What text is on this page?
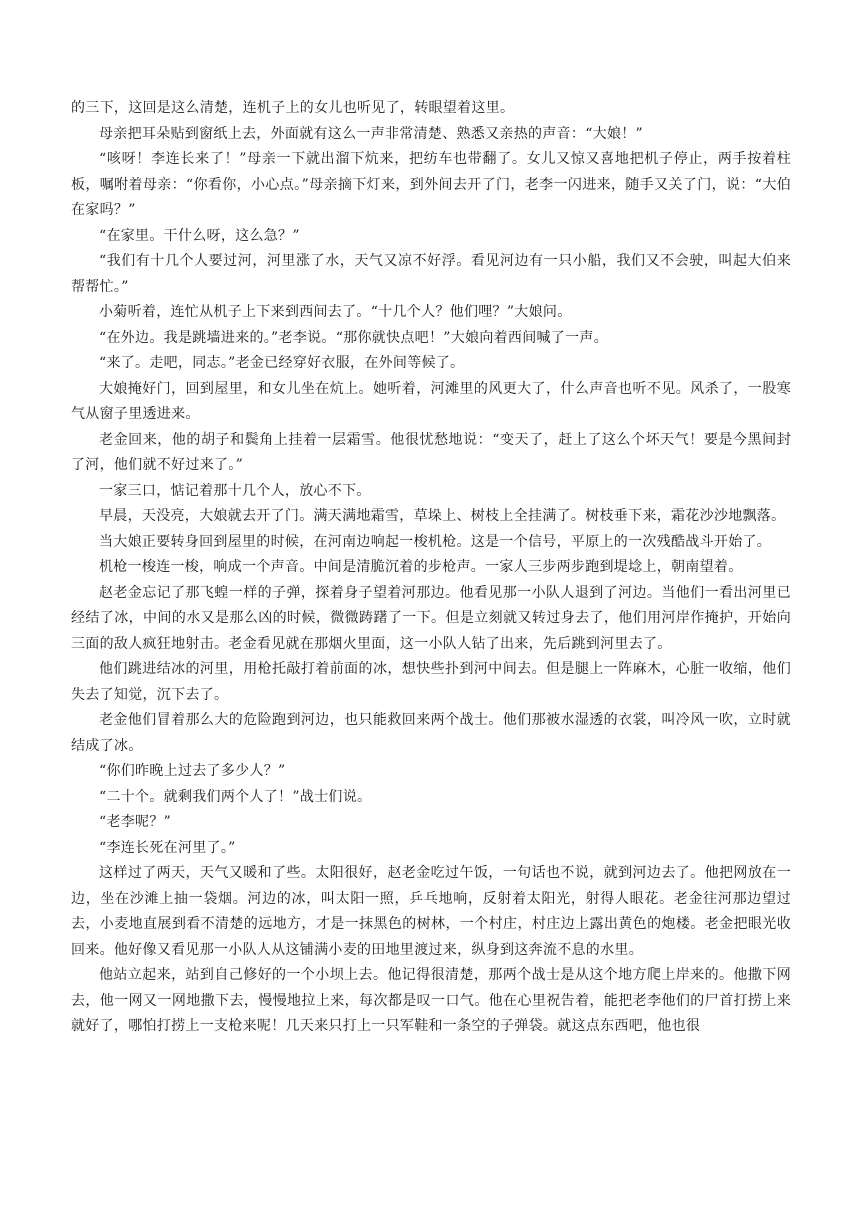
的三下，这回是这么清楚，连机子上的女儿也听见了，转眼望着这里。

母亲把耳朵贴到窗纸上去，外面就有这么一声非常清楚、熟悉又亲热的声音：“大娘！”

“咳呀！李连长来了！”母亲一下就出溜下炕来，把纺车也带翻了。女儿又惊又喜地把机子停止，两手按着柱板，嘱咐着母亲：“你看你，小心点。”母亲摘下灯来，到外间去开了门，老李一闪进来，随手又关了门，说：“大伯在家吗？”

“在家里。干什么呀，这么急？”

“我们有十几个人要过河，河里涨了水，天气又凉不好浮。看见河边有一只小船，我们又不会驶，叫起大伯来帮帮忙。”

小菊听着，连忙从机子上下来到西间去了。“十几个人？他们哩？”大娘问。

“在外边。我是跳墙进来的。”老李说。“那你就快点吧！”大娘向着西间喊了一声。

“来了。走吧，同志。”老金已经穿好衣服，在外间等候了。

大娘掩好门，回到屋里，和女儿坐在炕上。她听着，河滩里的风更大了，什么声音也听不见。风杀了，一股寒气从窗子里透进来。

老金回来，他的胡子和鬓角上挂着一层霜雪。他很忧愁地说：“变天了，赶上了这么个坏天气！要是今黑间封了河，他们就不好过来了。”

一家三口，惦记着那十几个人，放心不下。

早晨，天没亮，大娘就去开了门。满天满地霜雪，草垛上、树枝上全挂满了。树枝垂下来，霜花沙沙地飘落。

当大娘正要转身回到屋里的时候，在河南边响起一梭机枪。这是一个信号，平原上的一次残酷战斗开始了。

机枪一梭连一梭，响成一个声音。中间是清脆沉着的步枪声。一家人三步两步跑到堤埝上，朝南望着。

赵老金忘记了那飞蝗一样的子弹，探着身子望着河那边。他看见那一小队人退到了河边。当他们一看出河里已经结了冰，中间的水又是那么凶的时候，微微踌躇了一下。但是立刻就又转过身去了，他们用河岸作掩护，开始向三面的敌人疯狂地射击。老金看见就在那烟火里面，这一小队人钻了出来，先后跳到河里去了。

他们跳进结冰的河里，用枪托敲打着前面的冰，想快些扑到河中间去。但是腿上一阵麻木，心脏一收缩，他们失去了知觉，沉下去了。

老金他们冒着那么大的危险跑到河边，也只能救回来两个战士。他们那被水湿透的衣裳，叫冷风一吹，立时就结成了冰。

“你们昨晚上过去了多少人？”

“二十个。就剩我们两个人了！”战士们说。

“老李呢？”

“李连长死在河里了。”

这样过了两天，天气又暖和了些。太阳很好，赵老金吃过午饭，一句话也不说，就到河边去了。他把网放在一边，坐在沙滩上抽一袋烟。河边的冰，叫太阳一照，乒乓地响，反射着太阳光，射得人眼花。老金往河那边望过去，小麦地直展到看不清楚的远地方，才是一抹黑色的树林，一个村庄，村庄边上露出黄色的炮楼。老金把眼光收回来。他好像又看见那一小队人从这铺满小麦的田地里渡过来，纵身到这奔流不息的水里。

他站立起来，站到自己修好的一个小坝上去。他记得很清楚，那两个战士是从这个地方爬上岸来的。他撒下网去，他一网又一网地撒下去，慢慢地拉上来，每次都是叹一口气。他在心里祝告着，能把老李他们的尸首打捞上来就好了，哪怕打捞上一支枪来呢！几天来只打上一只军鞋和一条空的子弹袋。就这点东西吧，他也很
